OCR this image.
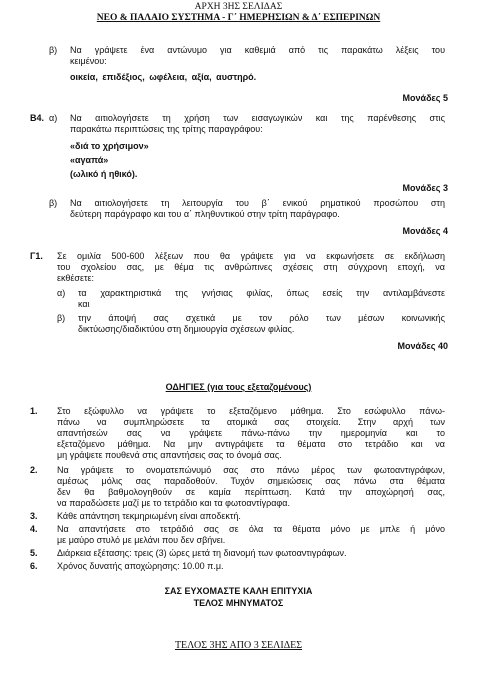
ΑΡΧΗ 3ΗΣ ΣΕΛΙΔΑΣ
ΝΕΟ & ΠΑΛΑΙΟ ΣΥΣΤΗΜΑ - Γ΄ ΗΜΕΡΗΣΙΩΝ & Δ΄ ΕΣΠΕΡΙΝΩΝ
β) Να γράψετε ένα αντώνυμο για καθεμιά από τις παρακάτω λέξεις του
κειμένου:
οικεία, επιδέξιος, ωφέλεια, αξία, αυστηρό.
Μονάδες 5
Β4. α) Να αιτιολογήσετε τη χρήση των εισαγωγικών και της παρένθεσης στις
παρακάτω περιπτώσεις της τρίτης παραγράφου:
«διά το χρήσιμον»
«αγαπά»
(ωλικό ή ηθικό).
Μονάδες 3
β) Να αιτιολογήσετε τη λειτουργία του β΄ ενικού ρηματικού προσώπου στη
δεύτερη παράγραφο και του α΄ πληθυντικού στην τρίτη παράγραφο.
Μονάδες 4
Γ1. Σε ομιλία 500-600 λέξεων που θα γράψετε για να εκφωνήσετε σε εκδήλωση
του σχολείου σας, με θέμα τις ανθρώπινες σχέσεις στη σύγχρονη εποχή, να
εκθέσετε:
α) τα χαρακτηριστικά της γνήσιας φιλίας, όπως εσείς την αντιλαμβάνεστε
και
β) την άποψή σας σχετικά με τον ρόλο των μέσων κοινωνικής
δικτύωσης/διαδικτύου στη δημιουργία σχέσεων φιλίας.
Μονάδες 40
ΟΔΗΓΙΕΣ (για τους εξεταζομένους)
1. Στο εξώφυλλο να γράψετε το εξεταζόμενο μάθημα. Στο εσώφυλλο πάνω-
πάνω να συμπληρώσετε τα ατομικά σας στοιχεία. Στην αρχή των
απαντήσεών σας να γράψετε πάνω-πάνω την ημερομηνία και το
εξεταζόμενο μάθημα. Να μην αντιγράψετε τα θέματα στο τετράδιο και να
μη γράψετε πουθενά στις απαντήσεις σας το όνομά σας.
2. Να γράψετε το ονοματεπώνυμό σας στο πάνω μέρος των φωτοαντιγράφων,
αμέσως μόλις σας παραδοθούν. Τυχόν σημειώσεις σας πάνω στα θέματα
δεν θα βαθμολογηθούν σε καμία περίπτωση. Κατά την αποχώρησή σας,
να παραδώσετε μαζί με το τετράδιο και τα φωτοαντίγραφα.
3. Κάθε απάντηση τεκμηριωμένη είναι αποδεκτή.
4. Να απαντήσετε στο τετράδιό σας σε όλα τα θέματα μόνο με μπλε ή μόνο
με μαύρο στυλό με μελάνι που δεν σβήνει.
5. Διάρκεια εξέτασης: τρεις (3) ώρες μετά τη διανομή των φωτοαντιγράφων.
6. Χρόνος δυνατής αποχώρησης: 10.00 π.μ.
ΣΑΣ ΕΥΧΟΜΑΣΤΕ ΚΑΛΗ ΕΠΙΤΥΧΙΑ
ΤΕΛΟΣ ΜΗΝΥΜΑΤΟΣ
ΤΕΛΟΣ 3ΗΣ ΑΠΟ 3 ΣΕΛΙΔΕΣ
